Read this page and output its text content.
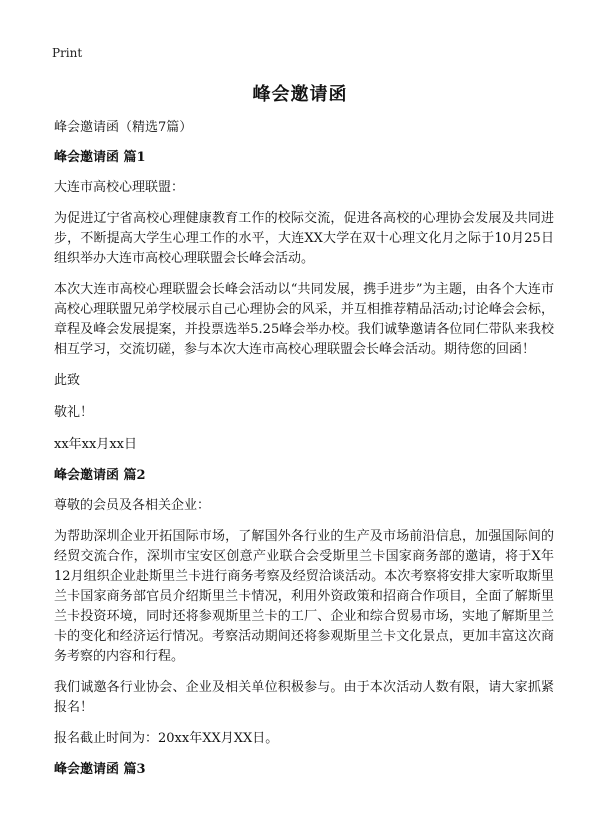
Print
峰会邀请函

峰会邀请函（精选7篇）

峰会邀请函 篇1

大连市高校心理联盟：

为促进辽宁省高校心理健康教育工作的校际交流，促进各高校的心理协会发展及共同进步，不断提高大学生心理工作的水平，大连XX大学在双十心理文化月之际于10月25日组织举办大连市高校心理联盟会长峰会活动。

本次大连市高校心理联盟会长峰会活动以“共同发展，携手进步”为主题，由各个大连市高校心理联盟兄弟学校展示自己心理协会的风采，并互相推荐精品活动;讨论峰会会标，章程及峰会发展提案，并投票选举5.25峰会举办校。我们诚挚邀请各位同仁带队来我校相互学习，交流切磋，参与本次大连市高校心理联盟会长峰会活动。期待您的回函！

此致

敬礼！

xx年xx月xx日

峰会邀请函 篇2

尊敬的会员及各相关企业：

为帮助深圳企业开拓国际市场，了解国外各行业的生产及市场前沿信息，加强国际间的经贸交流合作，深圳市宝安区创意产业联合会受斯里兰卡国家商务部的邀请，将于X年12月组织企业赴斯里兰卡进行商务考察及经贸洽谈活动。本次考察将安排大家听取斯里兰卡国家商务部官员介绍斯里兰卡情况，利用外资政策和招商合作项目，全面了解斯里兰卡投资环境，同时还将参观斯里兰卡的工厂、企业和综合贸易市场，实地了解斯里兰卡的变化和经济运行情况。考察活动期间还将参观斯里兰卡文化景点，更加丰富这次商务考察的内容和行程。

我们诚邀各行业协会、企业及相关单位积极参与。由于本次活动人数有限，请大家抓紧报名！

报名截止时间为：20xx年XX月XX日。

峰会邀请函 篇3
